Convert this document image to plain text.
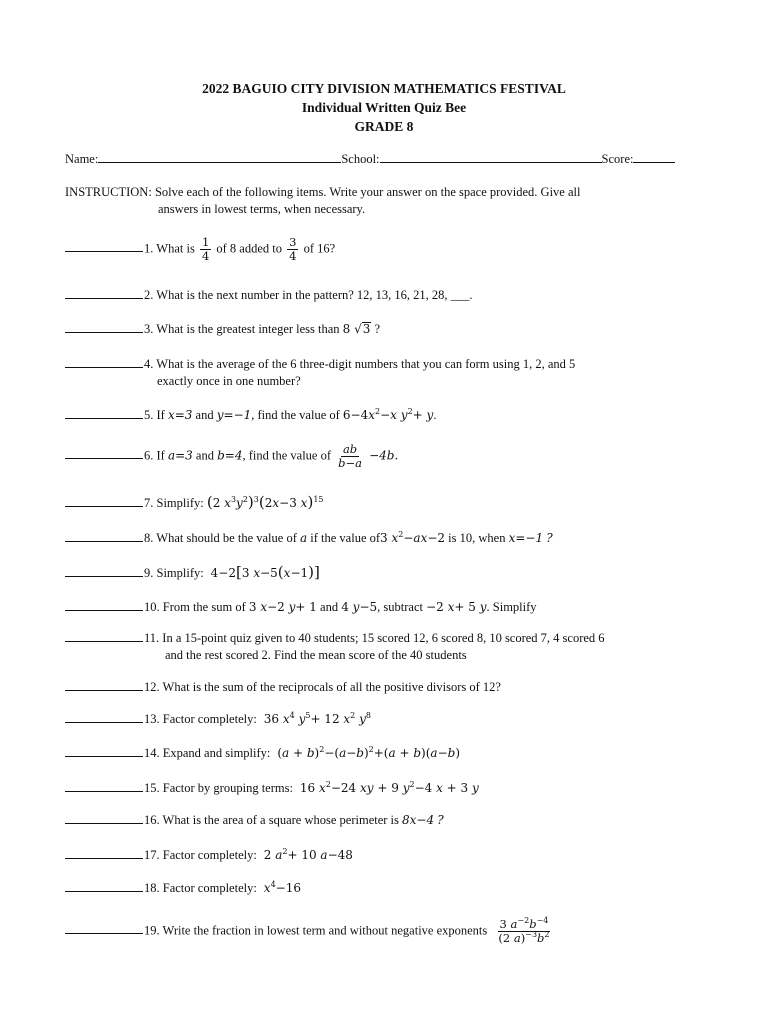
2022 BAGUIO CITY DIVISION MATHEMATICS FESTIVAL
Individual Written Quiz Bee
GRADE 8
Name:	School:	Score:
INSTRUCTION: Solve each of the following items. Write your answer on the space provided. Give all
answers in lowest terms, when necessary.
1. What is $\frac{1}{4}$ of 8 added to $\frac{3}{4}$ of 16?
2. What is the next number in the pattern? 12, 13, 16, 21, 28, ___.
3. What is the greatest integer less than 8 √3 ?
4. What is the average of the 6 three-digit numbers that you can form using 1, 2, and 5
exactly once in one number?
5. If x=3 and y=−1, find the value of $6-4x^2-x$ $y^2+ y$.
6. If a=3 and b=4, find the value of $\frac{ab}{b-a} -4b$.
7. Simplify: (2 $x^3y^2)^3(2x-3$ x)$^{15}$
8. What should be the value of a if the value of3 $x^2-ax-2$ is 10, when x=−1 ?
9. Simplify:  4−2[3 x−5(x−1)]
10. From the sum of 3 x−2 y+ 1 and 4 y−5, subtract −2 x+ 5 y. Simplify
11. In a 15-point quiz given to 40 students; 15 scored 12, 6 scored 8, 10 scored 7, 4 scored 6
and the rest scored 2. Find the mean score of the 40 students
12. What is the sum of the reciprocals of all the positive divisors of 12?
13. Factor completely:  36 $x^4$ $y^5+ 12$ $x^2$ $y^8$
14. Expand and simplify:  $(a + b)^2-(a-b)^2+(a + b)(a-b)$
15. Factor by grouping terms:  16 $x^2-24$ xy + 9 $y^2-4$ x + 3 y
16. What is the area of a square whose perimeter is 8x−4 ?
17. Factor completely:  2 $a^2+ 10$ a−48
18. Factor completely: $x^4-16$
19. Write the fraction in lowest term and without negative exponents $\frac{3 a^{-2}b^{-4}}{(2 a)^{-3}b^2}$
